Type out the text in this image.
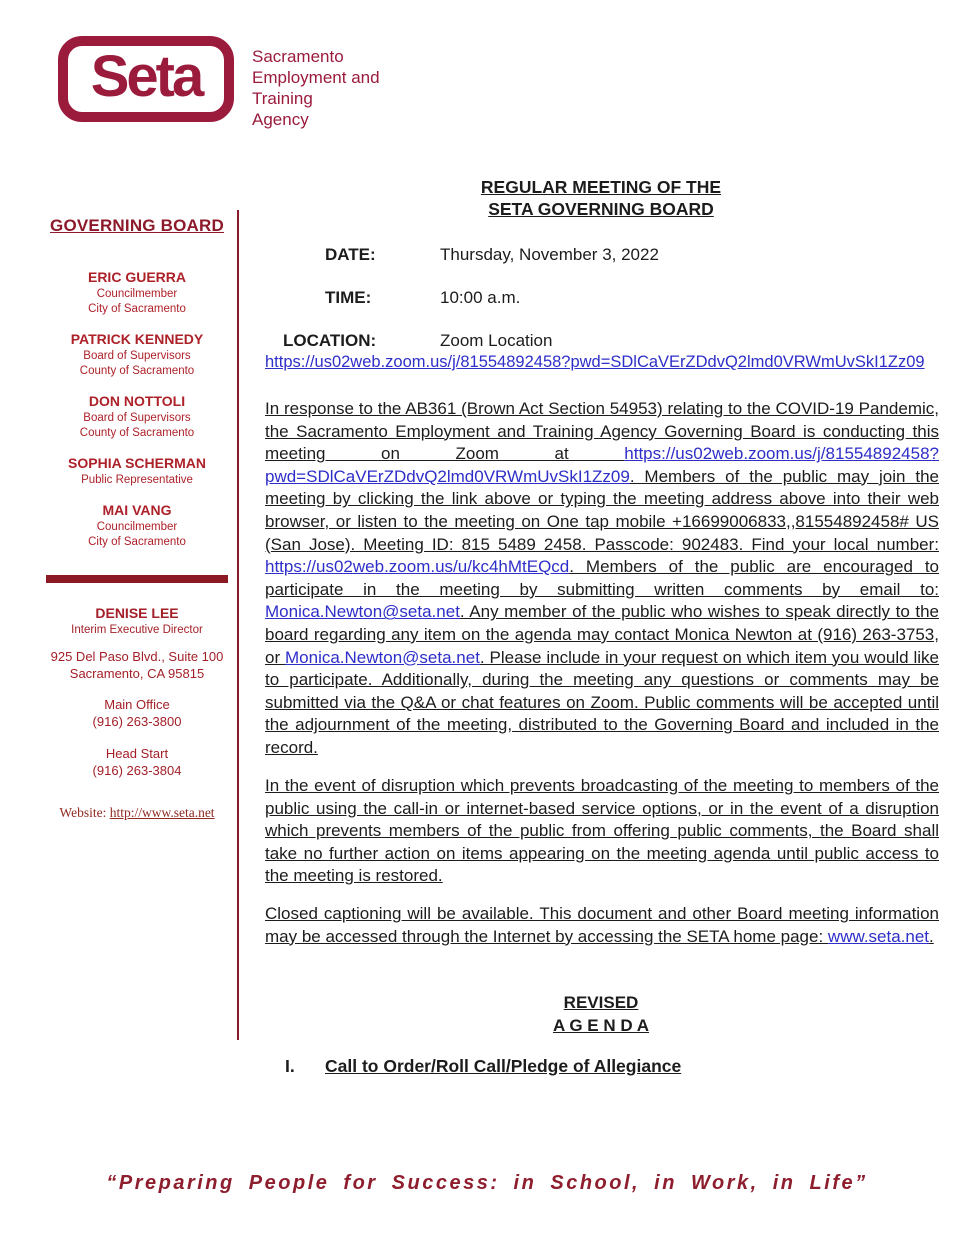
Seta	Sacramento
Employment and
Training
Agency
REGULAR MEETING OF THE
SETA GOVERNING BOARD
DATE:	Thursday, November 3, 2022
TIME:	10:00 a.m.
LOCATION:	Zoom Location
https://us02web.zoom.us/j/81554892458?pwd=SDlCaVErZDdvQ2lmd0VRWmUvSkI1Zz09
GOVERNING BOARD
ERIC GUERRA
Councilmember
City of Sacramento
PATRICK KENNEDY
Board of Supervisors
County of Sacramento
DON NOTTOLI
Board of Supervisors
County of Sacramento
SOPHIA SCHERMAN
Public Representative
MAI VANG
Councilmember
City of Sacramento
DENISE LEE
Interim Executive Director
925 Del Paso Blvd., Suite 100
Sacramento, CA 95815
Main Office
(916) 263-3800
Head Start
(916) 263-3804
Website: http://www.seta.net

In response to the AB361 (Brown Act Section 54953) relating to the COVID-19 Pandemic, the Sacramento Employment and Training Agency Governing Board is conducting this meeting on Zoom at https://us02web.zoom.us/j/81554892458?pwd=SDlCaVErZDdvQ2lmd0VRWmUvSkI1Zz09. Members of the public may join the meeting by clicking the link above or typing the meeting address above into their web browser, or listen to the meeting on One tap mobile +16699006833,,81554892458# US (San Jose). Meeting ID: 815 5489 2458. Passcode: 902483. Find your local number: https://us02web.zoom.us/u/kc4hMtEQcd. Members of the public are encouraged to participate in the meeting by submitting written comments by email to: Monica.Newton@seta.net. Any member of the public who wishes to speak directly to the board regarding any item on the agenda may contact Monica Newton at (916) 263-3753, or Monica.Newton@seta.net. Please include in your request on which item you would like to participate. Additionally, during the meeting any questions or comments may be submitted via the Q&A or chat features on Zoom. Public comments will be accepted until the adjournment of the meeting, distributed to the Governing Board and included in the record.

In the event of disruption which prevents broadcasting of the meeting to members of the public using the call-in or internet-based service options, or in the event of a disruption which prevents members of the public from offering public comments, the Board shall take no further action on items appearing on the meeting agenda until public access to the meeting is restored.

Closed captioning will be available. This document and other Board meeting information may be accessed through the Internet by accessing the SETA home page: www.seta.net.

REVISED
A G E N D A
I. Call to Order/Roll Call/Pledge of Allegiance
“Preparing People for Success: in School, in Work, in Life”
